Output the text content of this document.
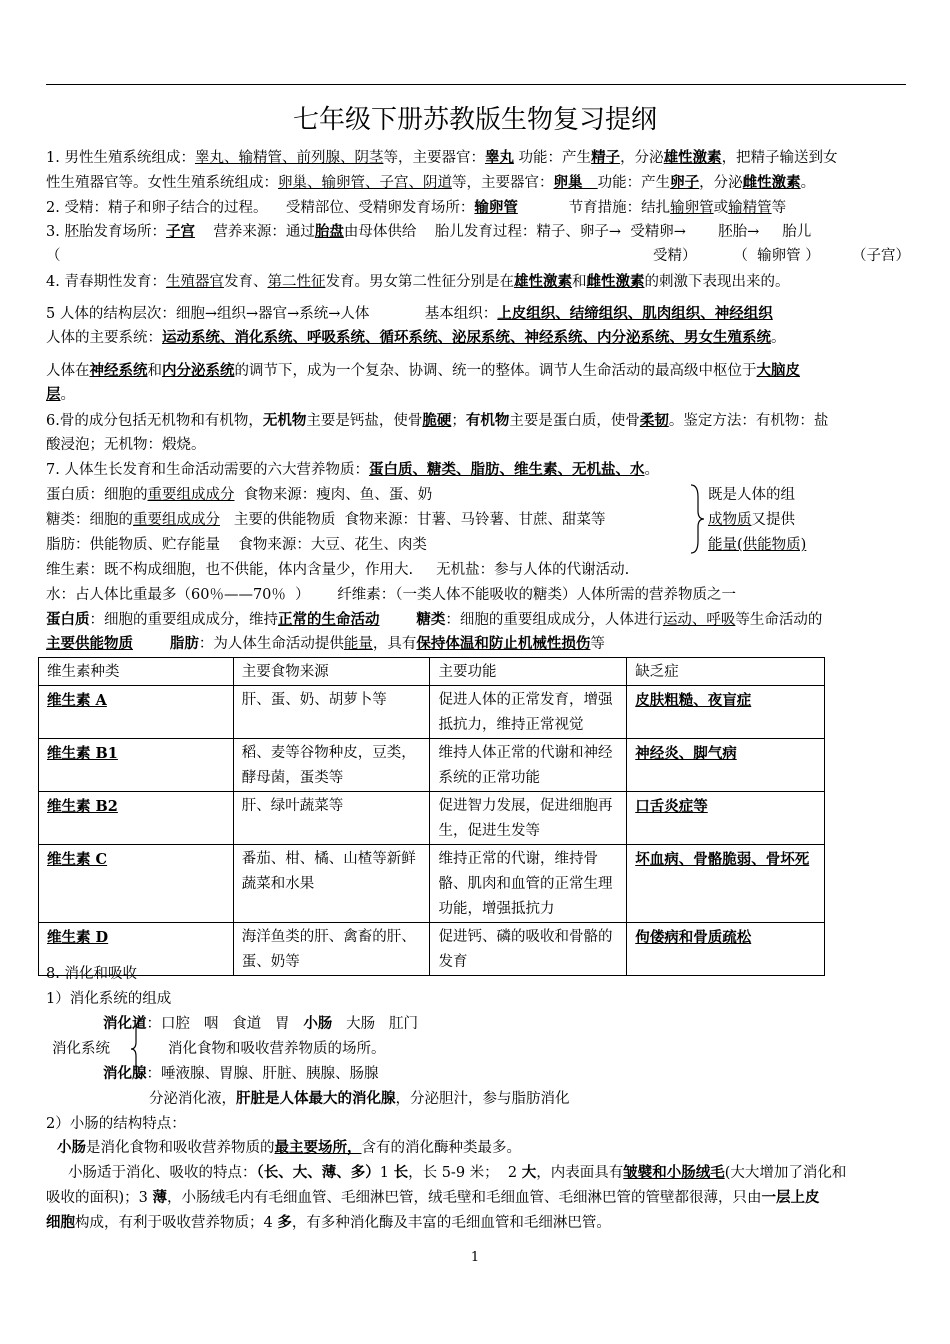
七年级下册苏教版生物复习提纲
1. 男性生殖系统组成：睾丸、输精管、前列腺、阴茎等，主要器官：睾丸 功能：产生精子，分泌雄性激素，把精子输送到女
性生殖器官等。女性生殖系统组成：卵巢、输卵管、子宫、阴道等，主要器官：卵巢   功能：产生卵子，分泌雌性激素。
2. 受精：精子和卵子结合的过程。    受精部位、受精卵发育场所：输卵管           节育措施：结扎输卵管或输精管等
3. 胚胎发育场所：子宫    营养来源：通过胎盘由母体供给    胎儿发育过程：精子、卵子→  受精卵→       胚胎→     胎儿
（	受精）        （  输卵管 ）       （子宫）
4. 青春期性发育：生殖器官发育、第二性征发育。男女第二性征分别是在雄性激素和雌性激素的刺激下表现出来的。
5 人体的结构层次：细胞→组织→器官→系统→人体            基本组织：上皮组织、结缔组织、肌肉组织、神经组织
人体的主要系统：运动系统、消化系统、呼吸系统、循环系统、泌尿系统、神经系统、内分泌系统、男女生殖系统。
人体在神经系统和内分泌系统的调节下，成为一个复杂、协调、统一的整体。调节人生命活动的最高级中枢位于大脑皮
层。
6.骨的成分包括无机物和有机物，无机物主要是钙盐，使骨脆硬；有机物主要是蛋白质，使骨柔韧。鉴定方法：有机物：盐
酸浸泡；无机物：煅烧。
7. 人体生长发育和生命活动需要的六大营养物质：蛋白质、糖类、脂肪、维生素、无机盐、水。
蛋白质：细胞的重要组成成分  食物来源：瘦肉、鱼、蛋、奶
糖类：细胞的重要组成成分   主要的供能物质  食物来源：甘薯、马铃薯、甘蔗、甜菜等
脂肪：供能物质、贮存能量    食物来源：大豆、花生、肉类
既是人体的组
成物质又提供
能量(供能物质)
维生素：既不构成细胞，也不供能，体内含量少，作用大.     无机盐：参与人体的代谢活动.
水：占人体比重最多（60％——70％  ）      纤维素：（一类人体不能吸收的糖类）人体所需的营养物质之一
蛋白质：细胞的重要组成成分，维持正常的生命活动	糖类：细胞的重要组成成分，人体进行运动、呼吸等生命活动的
主要供能物质	脂肪：为人体生命活动提供能量，具有保持体温和防止机械性损伤等
维生素种类	主要食物来源	主要功能	缺乏症
维生素 A	肝、蛋、奶、胡萝卜等	促进人体的正常发育，增强抵抗力，维持正常视觉	皮肤粗糙、夜盲症
维生素 B1	稻、麦等谷物种皮，豆类，酵母菌，蛋类等	维持人体正常的代谢和神经系统的正常功能	神经炎、脚气病
维生素 B2	肝、绿叶蔬菜等	促进智力发展，促进细胞再生，促进生发等	口舌炎症等
维生素 C	番茄、柑、橘、山楂等新鲜蔬菜和水果	维持正常的代谢，维持骨骼、肌肉和血管的正常生理功能，增强抵抗力	坏血病、骨骼脆弱、骨坏死
维生素 D	海洋鱼类的肝、禽畜的肝、蛋、奶等	促进钙、磷的吸收和骨骼的发育	佝偻病和骨质疏松
8. 消化和吸收
1）消化系统的组成
消化道：口腔   咽   食道   胃   小肠   大肠   肛门
消化系统	消化食物和吸收营养物质的场所。
消化腺：唾液腺、胃腺、肝脏、胰腺、肠腺
分泌消化液，肝脏是人体最大的消化腺，分泌胆汁，参与脂肪消化
2）小肠的结构特点：
小肠是消化食物和吸收营养物质的最主要场所，含有的消化酶种类最多。
小肠适于消化、吸收的特点：（长、大、薄、多）1 长，长 5-9 米；  2 大，内表面具有皱襞和小肠绒毛(大大增加了消化和
吸收的面积)；3 薄，小肠绒毛内有毛细血管、毛细淋巴管，绒毛壁和毛细血管、毛细淋巴管的管壁都很薄，只由一层上皮
细胞构成，有利于吸收营养物质；4 多，有多种消化酶及丰富的毛细血管和毛细淋巴管。
1
